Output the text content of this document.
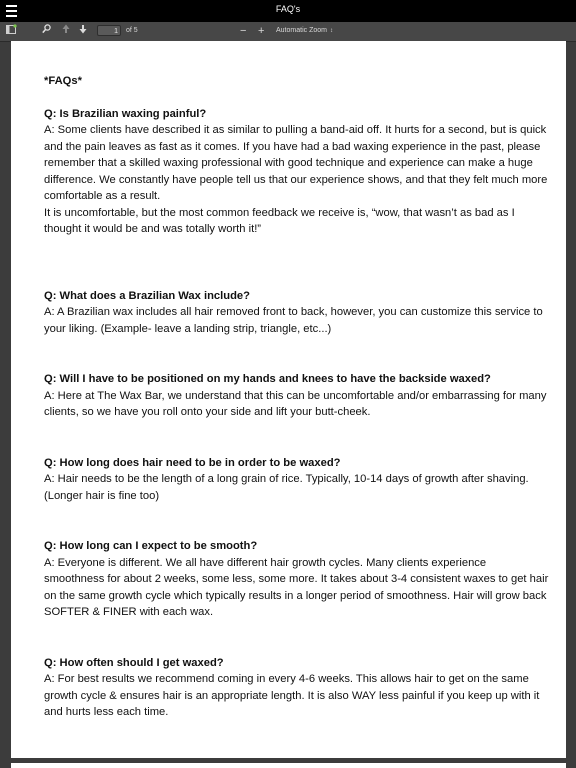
FAQ's
1	of 5	− + Automatic Zoom ↕

*FAQs*

Q: Is Brazilian waxing painful?

A: Some clients have described it as similar to pulling a band-aid off. It hurts for a second, but is quick and the pain leaves as fast as it comes. If you have had a bad waxing experience in the past, please remember that a skilled waxing professional with good technique and experience can make a huge difference. We constantly have people tell us that our experience shows, and that they felt much more comfortable as a result.
It is uncomfortable, but the most common feedback we receive is, “wow, that wasn’t as bad as I thought it would be and was totally worth it!”

Q: What does a Brazilian Wax include?

A: A Brazilian wax includes all hair removed front to back, however, you can customize this service to your liking. (Example- leave a landing strip, triangle, etc...)

Q: Will I have to be positioned on my hands and knees to have the backside waxed?

A: Here at The Wax Bar, we understand that this can be uncomfortable and/or embarrassing for many clients, so we have you roll onto your side and lift your butt-cheek.

Q: How long does hair need to be in order to be waxed?

A: Hair needs to be the length of a long grain of rice. Typically, 10-14 days of growth after shaving. (Longer hair is fine too)

Q: How long can I expect to be smooth?

A: Everyone is different. We all have different hair growth cycles. Many clients experience smoothness for about 2 weeks, some less, some more. It takes about 3-4 consistent waxes to get hair on the same growth cycle which typically results in a longer period of smoothness. Hair will grow back SOFTER & FINER with each wax.

Q: How often should I get waxed?

A: For best results we recommend coming in every 4-6 weeks. This allows hair to get on the same growth cycle & ensures hair is an appropriate length. It is also WAY less painful if you keep up with it and hurts less each time.
